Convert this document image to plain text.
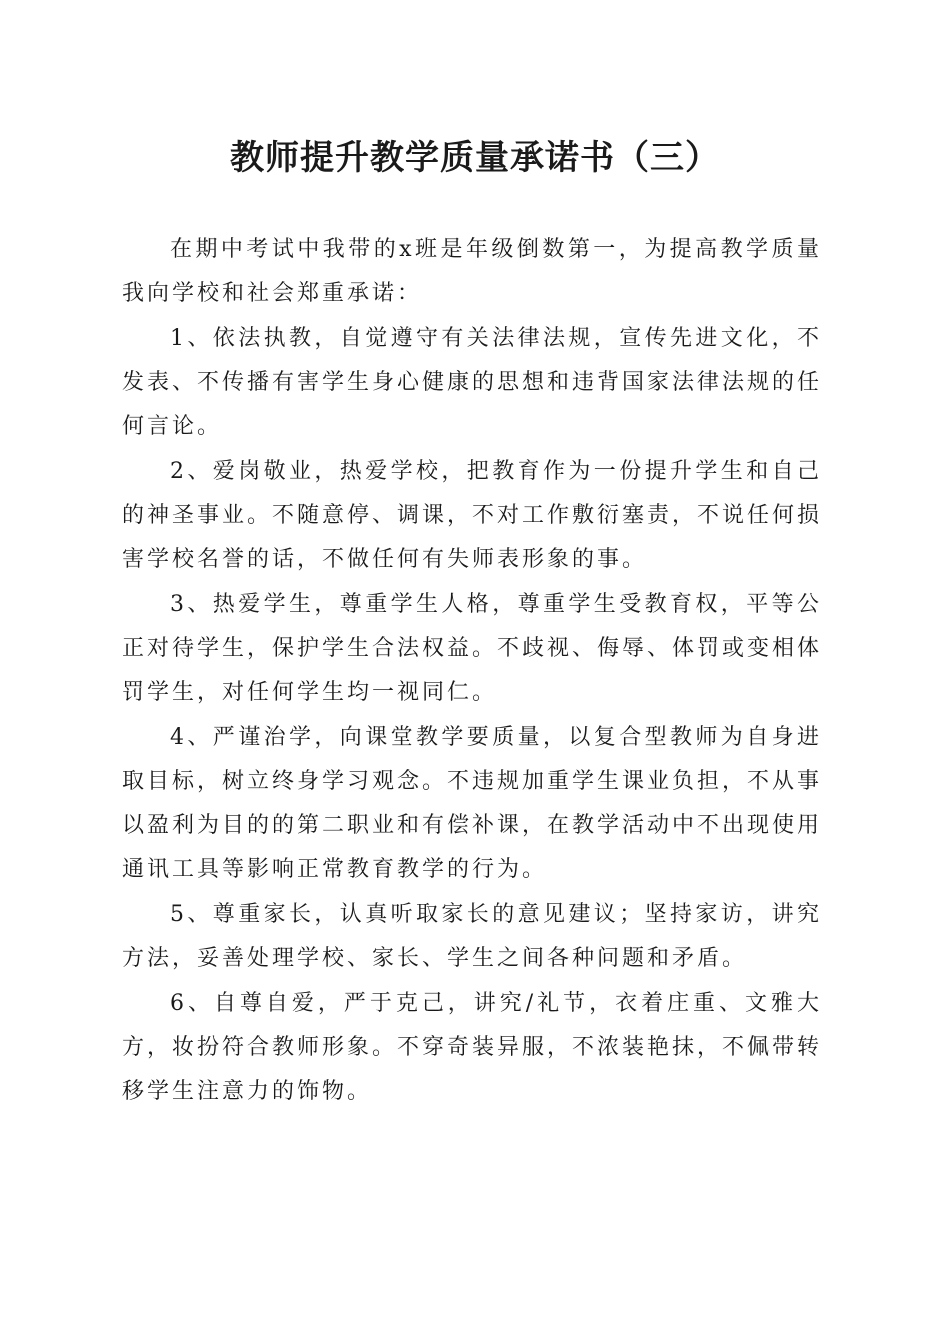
教师提升教学质量承诺书（三）

在期中考试中我带的x班是年级倒数第一，为提高教学质量我向学校和社会郑重承诺：

1、依法执教，自觉遵守有关法律法规，宣传先进文化，不发表、不传播有害学生身心健康的思想和违背国家法律法规的任何言论。

2、爱岗敬业，热爱学校，把教育作为一份提升学生和自己的神圣事业。不随意停、调课，不对工作敷衍塞责，不说任何损害学校名誉的话，不做任何有失师表形象的事。

3、热爱学生，尊重学生人格，尊重学生受教育权，平等公正对待学生，保护学生合法权益。不歧视、侮辱、体罚或变相体罚学生，对任何学生均一视同仁。

4、严谨治学，向课堂教学要质量，以复合型教师为自身进取目标，树立终身学习观念。不违规加重学生课业负担，不从事以盈利为目的的第二职业和有偿补课，在教学活动中不出现使用通讯工具等影响正常教育教学的行为。

5、尊重家长，认真听取家长的意见建议；坚持家访，讲究方法，妥善处理学校、家长、学生之间各种问题和矛盾。

6、自尊自爱，严于克己，讲究/礼节，衣着庄重、文雅大方，妆扮符合教师形象。不穿奇装异服，不浓装艳抹，不佩带转移学生注意力的饰物。
